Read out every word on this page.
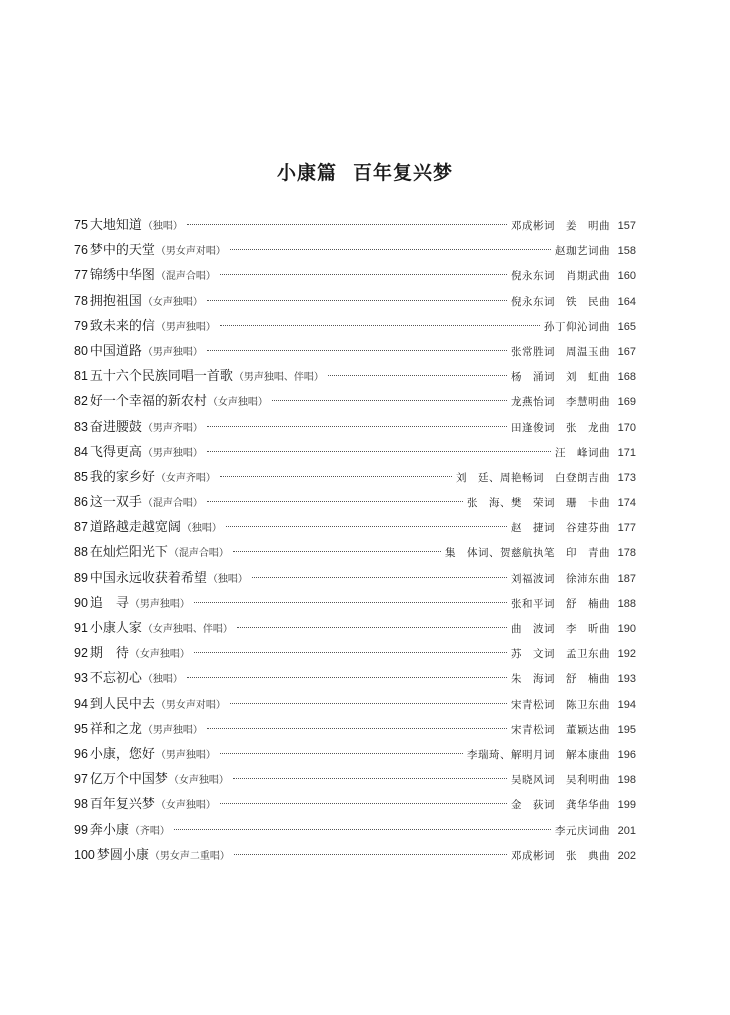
小康篇 百年复兴梦
75 大地知道 （独唱）	邓成彬词　姜　明曲 157
76 梦中的天堂 （男女声对唱）	赵珈艺词曲 158
77 锦绣中华图 （混声合唱）	倪永东词　肖期武曲 160
78 拥抱祖国 （女声独唱）	倪永东词　铁　民曲 164
79 致未来的信 （男声独唱）	孙丁仰沁词曲 165
80 中国道路 （男声独唱）	张常胜词　周温玉曲 167
81 五十六个民族同唱一首歌 （男声独唱、伴唱）	杨　涌词　刘　虹曲 168
82 好一个幸福的新农村 （女声独唱）	龙燕怡词　李慧明曲 169
83 奋进腰鼓 （男声齐唱）	田逢俊词　张　龙曲 170
84 飞得更高 （男声独唱）	汪　峰词曲 171
85 我的家乡好 （女声齐唱）	刘　廷、周艳畅词　白登朗吉曲 173
86 这一双手 （混声合唱）	张　海、樊　荣词　珊　卡曲 174
87 道路越走越宽阔 （独唱）	赵　捷词　谷建芬曲 177
88 在灿烂阳光下 （混声合唱）	集　体词、贺慈航执笔　印　青曲 178
89 中国永远收获着希望 （独唱）	刘福波词　徐沛东曲 187
90 追　寻 （男声独唱）	张和平词　舒　楠曲 188
91 小康人家 （女声独唱、伴唱）	曲　波词　李　昕曲 190
92 期　待 （女声独唱）	苏　文词　孟卫东曲 192
93 不忘初心 （独唱）	朱　海词　舒　楠曲 193
94 到人民中去 （男女声对唱）	宋青松词　陈卫东曲 194
95 祥和之龙 （男声独唱）	宋青松词　董颖达曲 195
96 小康，您好 （男声独唱）	李瑞琦、解明月词　解本康曲 196
97 亿万个中国梦 （女声独唱）	吴晓风词　吴利明曲 198
98 百年复兴梦 （女声独唱）	金　荻词　龚华华曲 199
99 奔小康 （齐唱）	李元庆词曲 201
100 梦圆小康 （男女声二重唱）	邓成彬词　张　典曲 202
